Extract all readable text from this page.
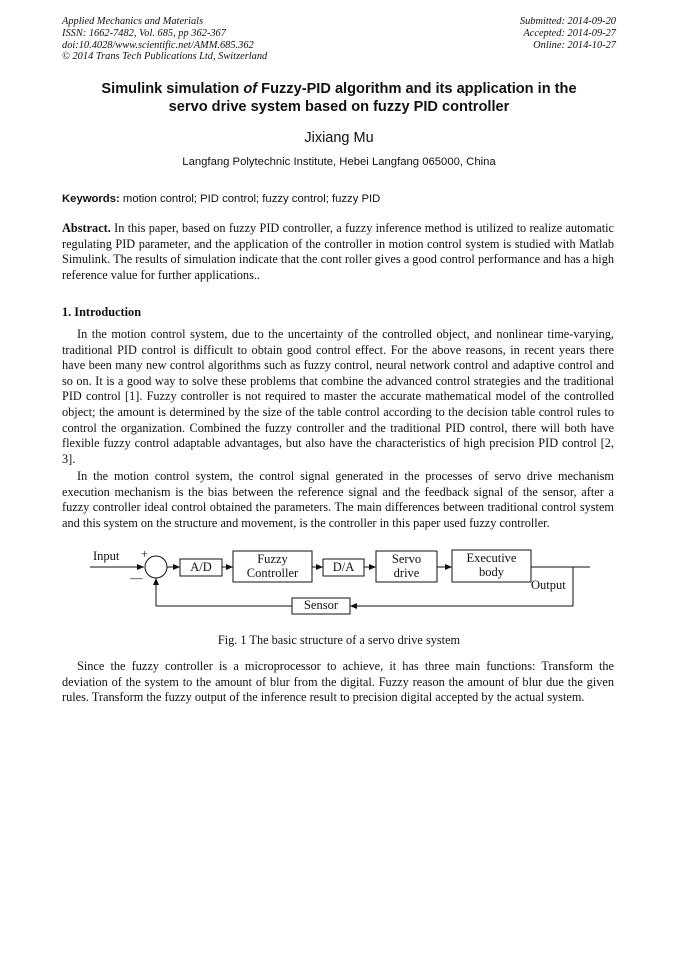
Applied Mechanics and Materials
ISSN: 1662-7482, Vol. 685, pp 362-367
doi:10.4028/www.scientific.net/AMM.685.362
© 2014 Trans Tech Publications Ltd, Switzerland
Submitted: 2014-09-20
Accepted: 2014-09-27
Online: 2014-10-27
Simulink simulation of Fuzzy-PID algorithm and its application in the
servo drive system based on fuzzy PID controller
Jixiang Mu
Langfang Polytechnic Institute, Hebei Langfang 065000, China
Keywords: motion control; PID control; fuzzy control; fuzzy PID
Abstract. In this paper, based on fuzzy PID controller, a fuzzy inference method is utilized to realize automatic regulating PID parameter, and the application of the controller in motion control system is studied with Matlab Simulink. The results of simulation indicate that the cont roller gives a good control performance and has a high reference value for further applications..
1. Introduction
In the motion control system, due to the uncertainty of the controlled object, and nonlinear time-varying, traditional PID control is difficult to obtain good control effect. For the above reasons, in recent years there have been many new control algorithms such as fuzzy control, neural network control and adaptive control and so on. It is a good way to solve these problems that combine the advanced control strategies and the traditional PID control [1]. Fuzzy controller is not required to master the accurate mathematical model of the controlled object; the amount is determined by the size of the table control according to the decision table control rules to control the organization. Combined the fuzzy controller and the traditional PID control, there will both have flexible fuzzy control adaptable advantages, but also have the characteristics of high precision PID control [2, 3].
In the motion control system, the control signal generated in the processes of servo drive mechanism execution mechanism is the bias between the reference signal and the feedback signal of the sensor, after a fuzzy controller ideal control obtained the parameters. The main differences between traditional control system and this system on the structure and movement, is the controller in this paper used fuzzy controller.
Input +
—
A/D
Fuzzy
Controller	D/A
Servo
drive
Executive
body
Output
Sensor
Fig. 1 The basic structure of a servo drive system
Since the fuzzy controller is a microprocessor to achieve, it has three main functions: Transform the deviation of the system to the amount of blur from the digital. Fuzzy reason the amount of blur due the given rules. Transform the fuzzy output of the inference result to precision digital accepted by the actual system.
